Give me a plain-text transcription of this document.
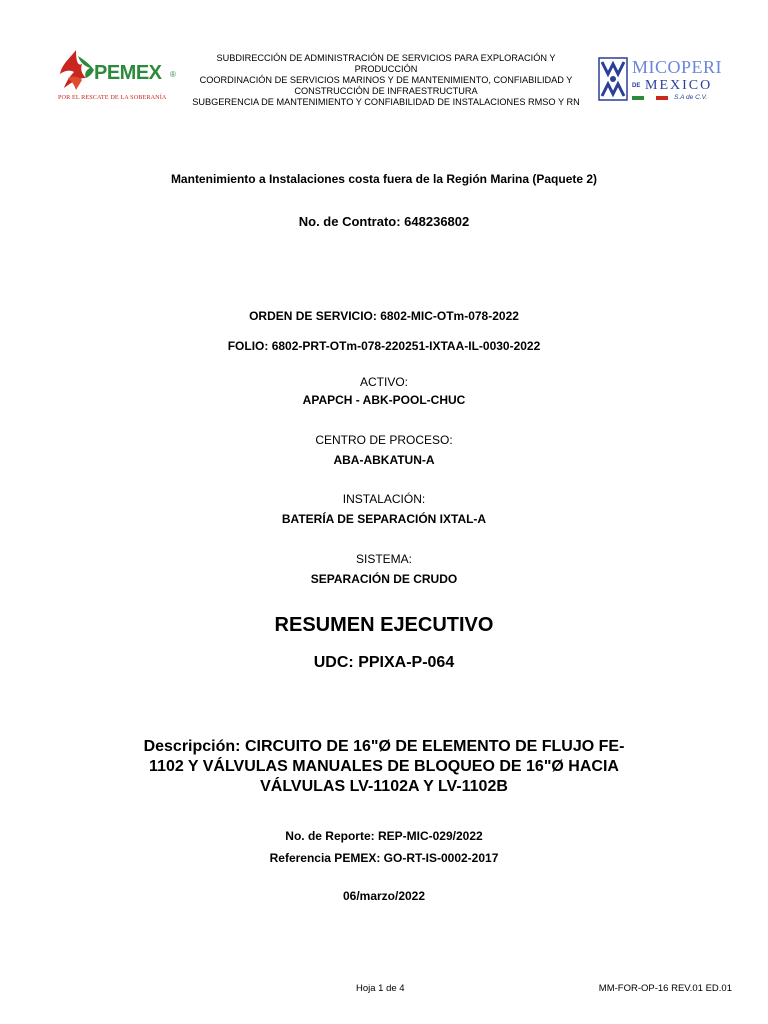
PEMEX ®
POR EL RESCATE DE LA SOBERANÍA
SUBDIRECCIÓN DE ADMINISTRACIÓN DE SERVICIOS PARA EXPLORACIÓN Y PRODUCCIÓN
COORDINACIÓN DE SERVICIOS MARINOS Y DE MANTENIMIENTO, CONFIABILIDAD Y CONSTRUCCIÓN DE INFRAESTRUCTURA
SUBGERENCIA DE MANTENIMIENTO Y CONFIABILIDAD DE INSTALACIONES RMSO Y RN
MICOPERI
DE MEXICO
S.A de C.V.
Mantenimiento a Instalaciones costa fuera de la Región Marina (Paquete 2)
No. de Contrato: 648236802
ORDEN DE SERVICIO: 6802-MIC-OTm-078-2022
FOLIO: 6802-PRT-OTm-078-220251-IXTAA-IL-0030-2022
ACTIVO:
APAPCH - ABK-POOL-CHUC
CENTRO DE PROCESO:
ABA-ABKATUN-A
INSTALACIÓN:
BATERÍA DE SEPARACIÓN IXTAL-A
SISTEMA:
SEPARACIÓN DE CRUDO
RESUMEN EJECUTIVO
UDC: PPIXA-P-064
Descripción: CIRCUITO DE 16"Ø DE ELEMENTO DE FLUJO FE-1102 Y VÁLVULAS MANUALES DE BLOQUEO DE 16"Ø HACIA VÁLVULAS LV-1102A Y LV-1102B
No. de Reporte: REP-MIC-029/2022
Referencia PEMEX: GO-RT-IS-0002-2017
06/marzo/2022
Hoja 1 de 4	MM-FOR-OP-16 REV.01 ED.01
